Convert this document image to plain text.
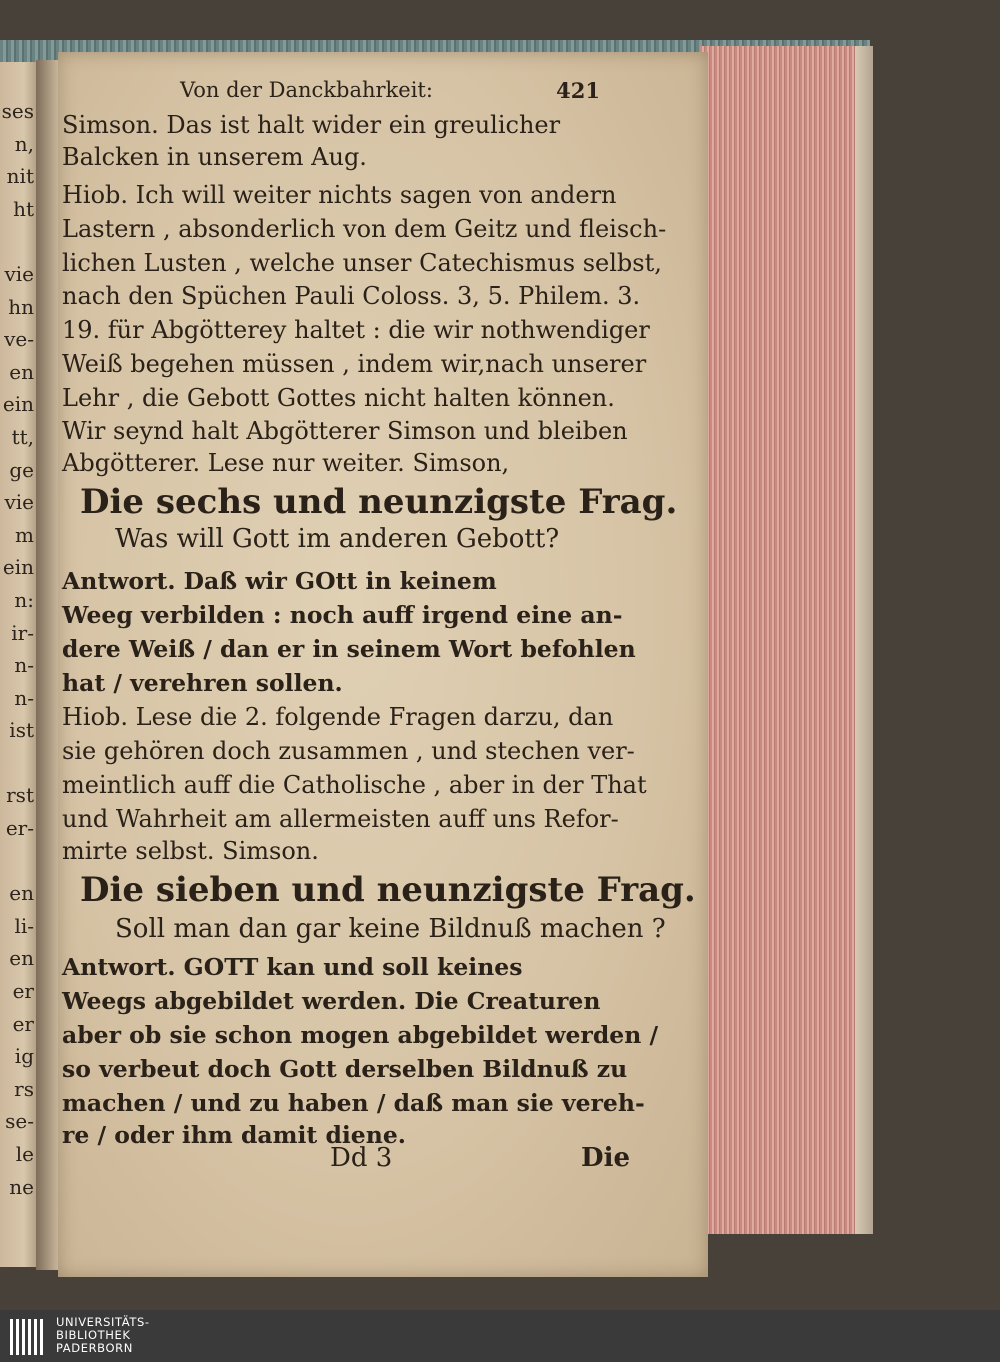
ses
n,
nit
ht
vie
hn
ve-
en
ein
tt,
ge
vie
m
ein
n:
ir-
n-
n-
ist
rst
er-
en
li-
en
er
er
ig
rs
se-
le
ne
Von der Danckbahrkeit:	421
Simson. Das ist halt wider ein greulicher
Balcken in unserem Aug.
Hiob. Ich will weiter nichts sagen von andern
Lastern , absonderlich von dem Geitz und fleisch-
lichen Lusten , welche unser Catechismus selbst,
nach den Spüchen Pauli Coloss. 3, 5. Philem. 3.
19. für Abgötterey haltet : die wir nothwendiger
Weiß begehen müssen , indem wir,nach unserer
Lehr , die Gebott Gottes nicht halten können.
Wir seynd halt Abgötterer Simson und bleiben
Abgötterer. Lese nur weiter. Simson,
Die sechs und neunzigste Frag.
Was will Gott im anderen Gebott?
Antwort. Daß wir GOtt in keinem
Weeg verbilden : noch auff irgend eine an-
dere Weiß / dan er in seinem Wort befohlen
hat / verehren sollen.
Hiob. Lese die 2. folgende Fragen darzu, dan
sie gehören doch zusammen , und stechen ver-
meintlich auff die Catholische , aber in der That
und Wahrheit am allermeisten auff uns Refor-
mirte selbst. Simson.
Die sieben und neunzigste Frag.
Soll man dan gar keine Bildnuß machen ?
Antwort. GOTT kan und soll keines
Weegs abgebildet werden. Die Creaturen
aber ob sie schon mogen abgebildet werden /
so verbeut doch Gott derselben Bildnuß zu
machen / und zu haben / daß man sie vereh-
re / oder ihm damit diene.
Dd 3	Die
UNIVERSITÄTS-
BIBLIOTHEK
PADERBORN
